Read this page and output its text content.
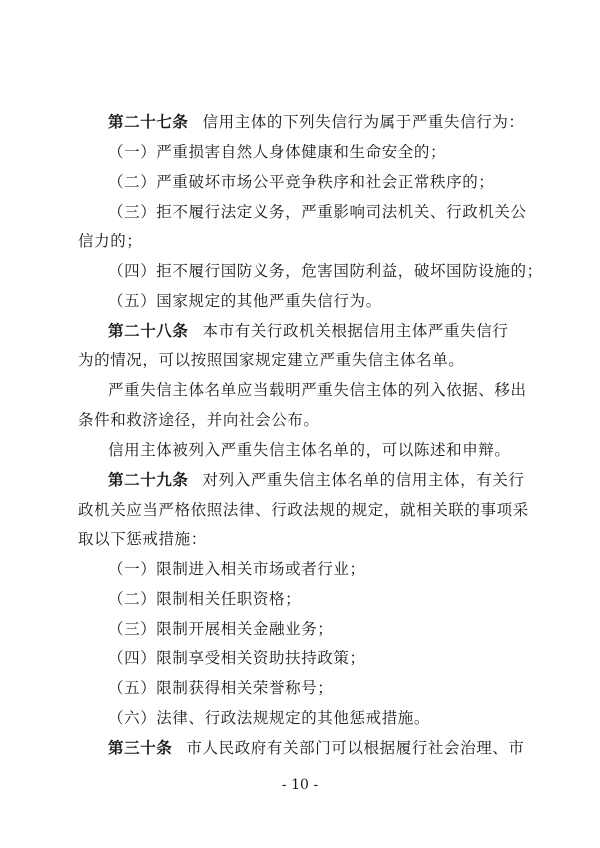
第二十七条 信用主体的下列失信行为属于严重失信行为：
（一）严重损害自然人身体健康和生命安全的；
（二）严重破坏市场公平竞争秩序和社会正常秩序的；
（三）拒不履行法定义务，严重影响司法机关、行政机关公
信力的；
（四）拒不履行国防义务，危害国防利益，破坏国防设施的；
（五）国家规定的其他严重失信行为。
第二十八条 本市有关行政机关根据信用主体严重失信行
为的情况，可以按照国家规定建立严重失信主体名单。
严重失信主体名单应当载明严重失信主体的列入依据、移出
条件和救济途径，并向社会公布。
信用主体被列入严重失信主体名单的，可以陈述和申辩。
第二十九条 对列入严重失信主体名单的信用主体，有关行
政机关应当严格依照法律、行政法规的规定，就相关联的事项采
取以下惩戒措施：
（一）限制进入相关市场或者行业；
（二）限制相关任职资格；
（三）限制开展相关金融业务；
（四）限制享受相关资助扶持政策；
（五）限制获得相关荣誉称号；
（六）法律、行政法规规定的其他惩戒措施。
第三十条 市人民政府有关部门可以根据履行社会治理、市
- 10 -
